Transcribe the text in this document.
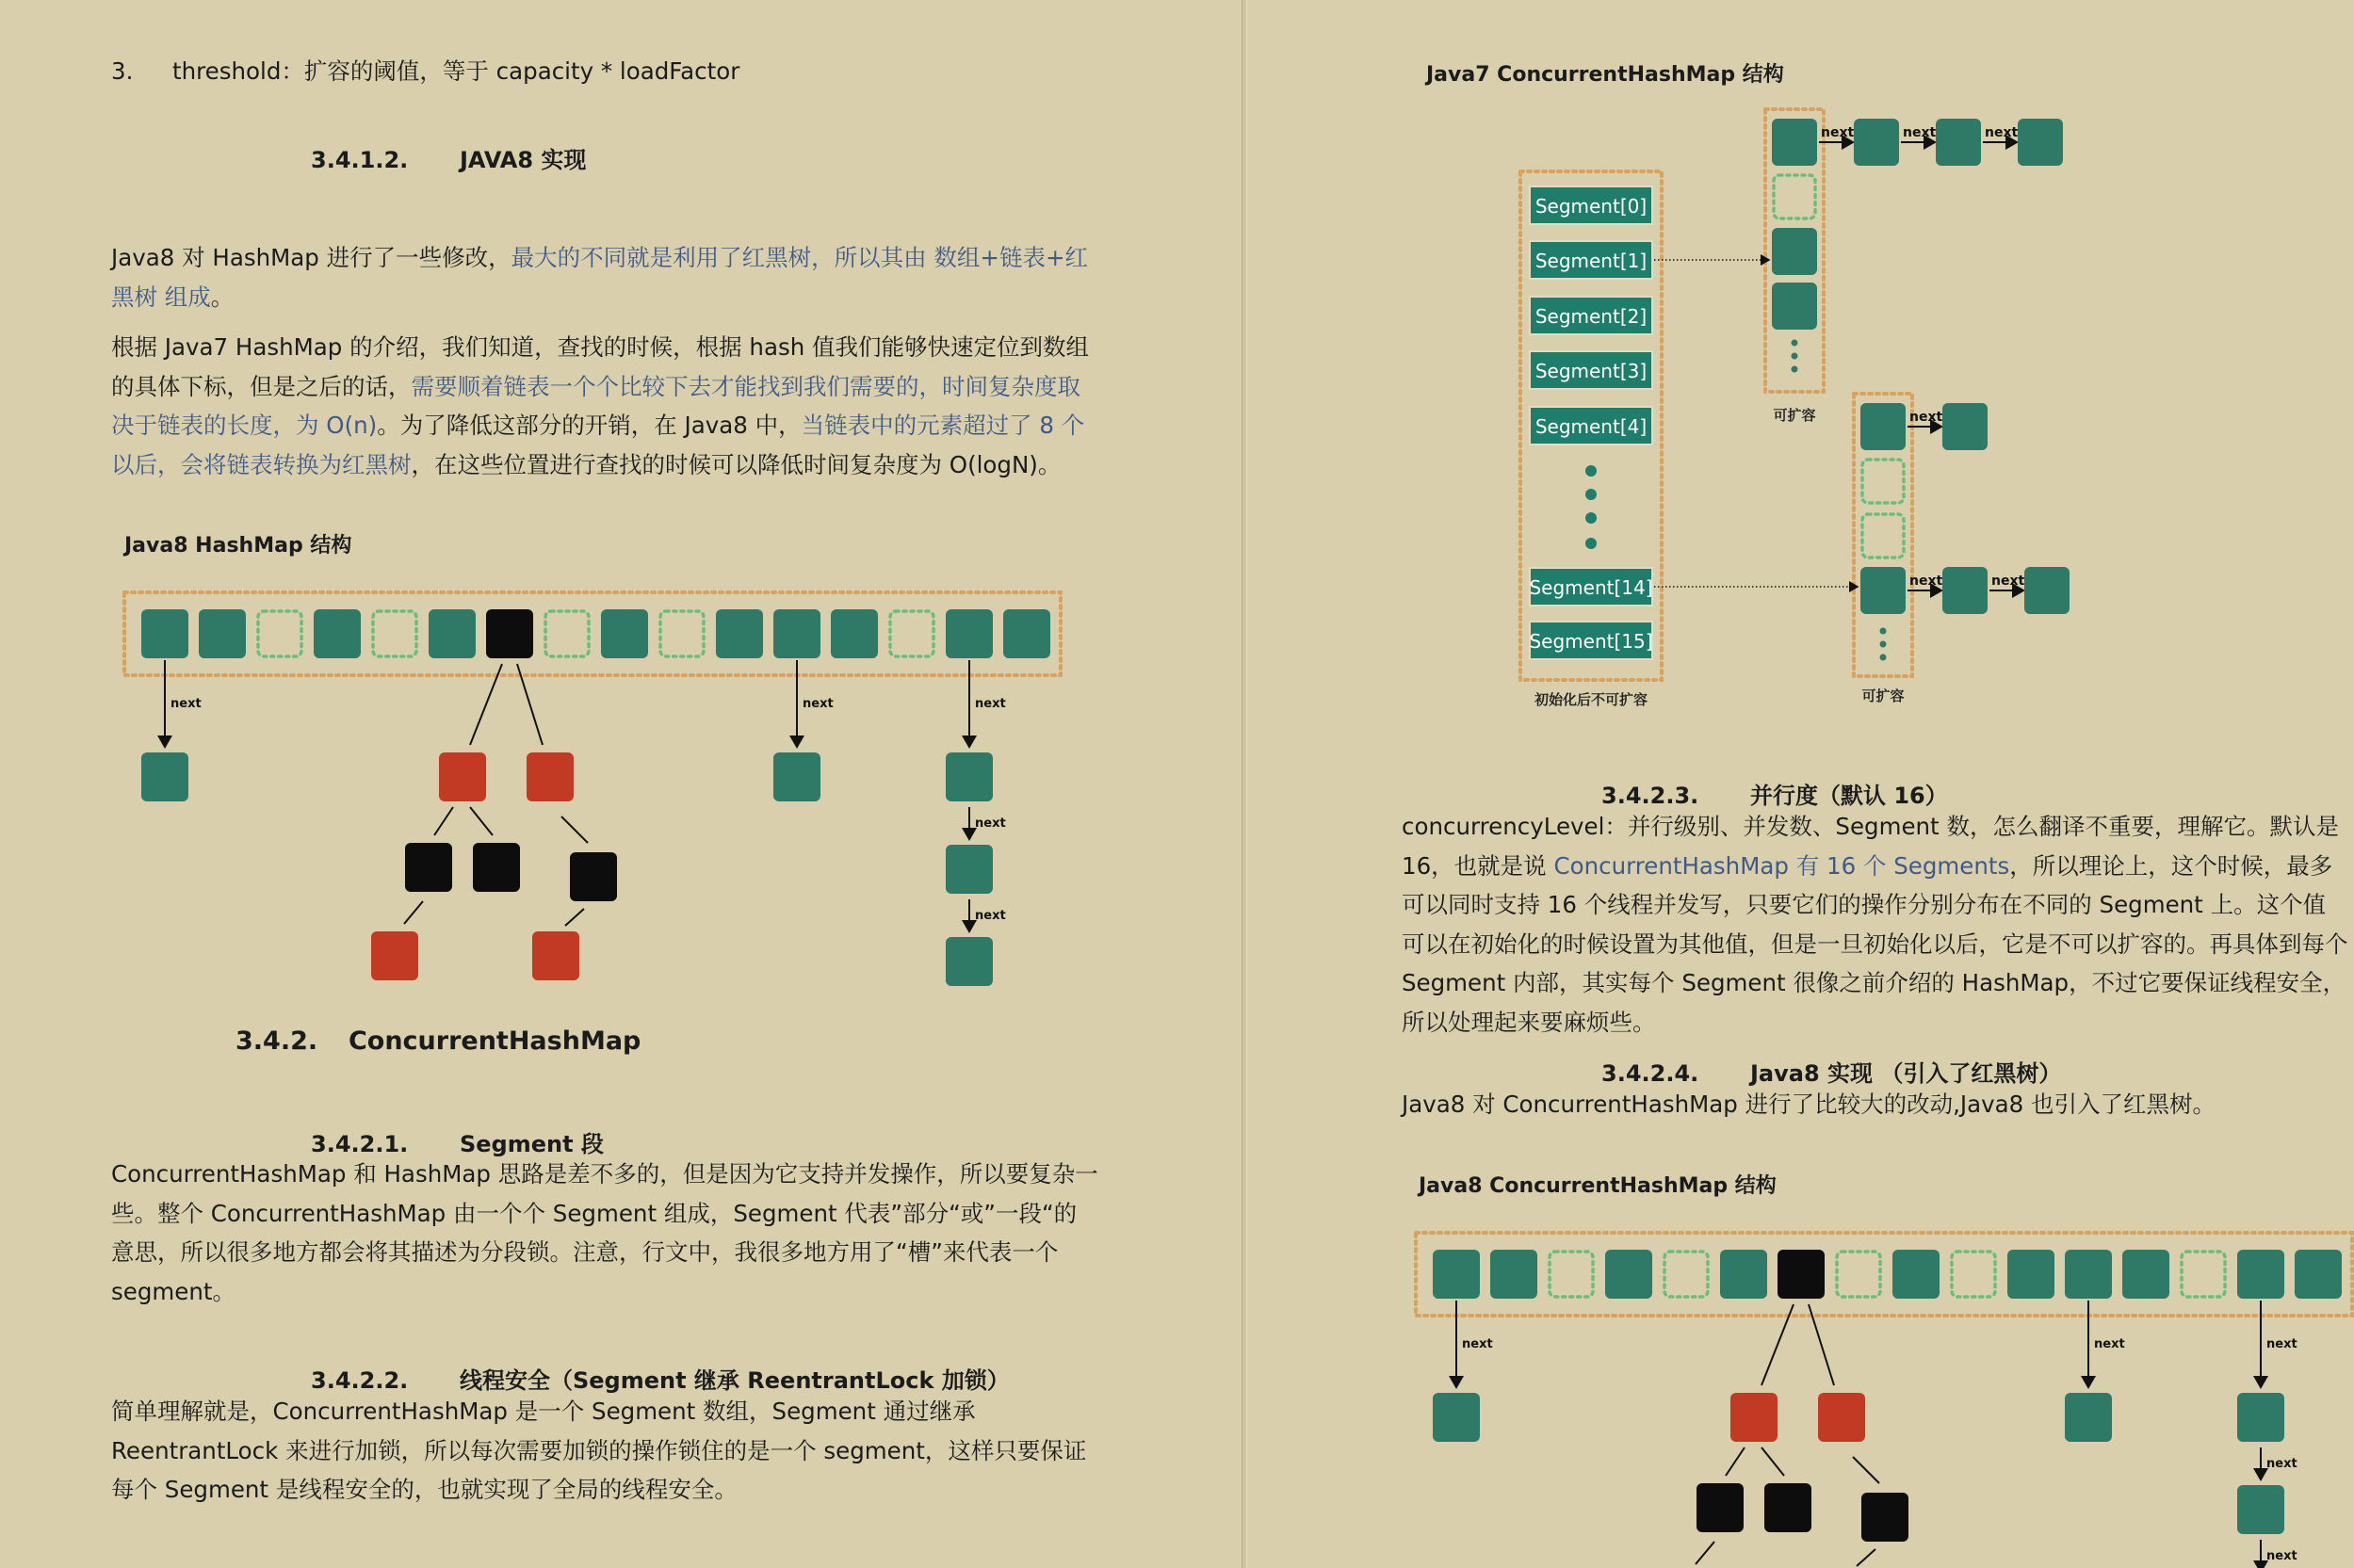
3. threshold：扩容的阈值，等于 capacity * loadFactor
3.4.1.2. JAVA8 实现
Java8 对 HashMap 进行了一些修改，最大的不同就是利用了红黑树，所以其由 数组+链表+红黑树 组成。
根据 Java7 HashMap 的介绍，我们知道，查找的时候，根据 hash 值我们能够快速定位到数组的具体下标，但是之后的话，需要顺着链表一个个比较下去才能找到我们需要的，时间复杂度取决于链表的长度，为 O(n)。为了降低这部分的开销，在 Java8 中，当链表中的元素超过了 8 个以后，会将链表转换为红黑树，在这些位置进行查找的时候可以降低时间复杂度为 O(logN)。
Java8 HashMap 结构
next	next	next
next
next
3.4.2. ConcurrentHashMap
3.4.2.1. Segment 段
ConcurrentHashMap 和 HashMap 思路是差不多的，但是因为它支持并发操作，所以要复杂一些。整个 ConcurrentHashMap 由一个个 Segment 组成，Segment 代表”部分“或”一段“的意思，所以很多地方都会将其描述为分段锁。注意，行文中，我很多地方用了“槽”来代表一个 segment。
3.4.2.2. 线程安全（Segment 继承 ReentrantLock 加锁）
简单理解就是，ConcurrentHashMap 是一个 Segment 数组，Segment 通过继承 ReentrantLock 来进行加锁，所以每次需要加锁的操作锁住的是一个 segment，这样只要保证每个 Segment 是线程安全的，也就实现了全局的线程安全。
Java7 ConcurrentHashMap 结构
Segment[0]
Segment[1]
Segment[2]
Segment[3]
Segment[4]
Segment[14]
Segment[15]
初始化后不可扩容
可扩容
next	next	next
可扩容
next
next	next
3.4.2.3. 并行度（默认 16）
concurrencyLevel：并行级别、并发数、Segment 数，怎么翻译不重要，理解它。默认是 16，也就是说 ConcurrentHashMap 有 16 个 Segments，所以理论上，这个时候，最多可以同时支持 16 个线程并发写，只要它们的操作分别分布在不同的 Segment 上。这个值可以在初始化的时候设置为其他值，但是一旦初始化以后，它是不可以扩容的。再具体到每个 Segment 内部，其实每个 Segment 很像之前介绍的 HashMap，不过它要保证线程安全，所以处理起来要麻烦些。
3.4.2.4. Java8 实现 （引入了红黑树）
Java8 对 ConcurrentHashMap 进行了比较大的改动,Java8 也引入了红黑树。
Java8 ConcurrentHashMap 结构
next	next	next
next
next
